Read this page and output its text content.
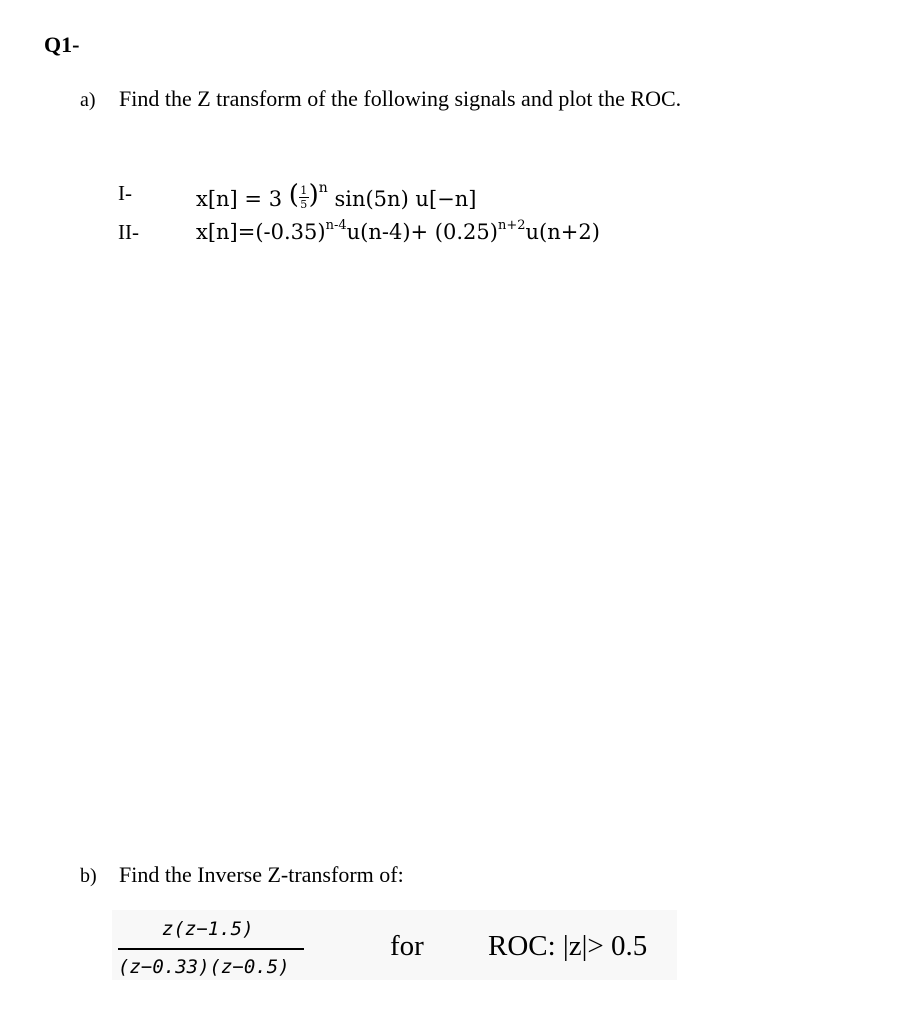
Q1-
a) Find the Z transform of the following signals and plot the ROC.
I-	x[n] = 3 ( 1
5 ) $^n$ sin(5n) u[−n]
II-	$x[n]=(-0.35)^{n-4}u(n-4)+ (0.25)^{n+2}u(n+2)$
b) Find the Inverse Z-transform of:
z(z−1.5)
(z−0.33)(z−0.5)
for ROC: |z|> 0.5
